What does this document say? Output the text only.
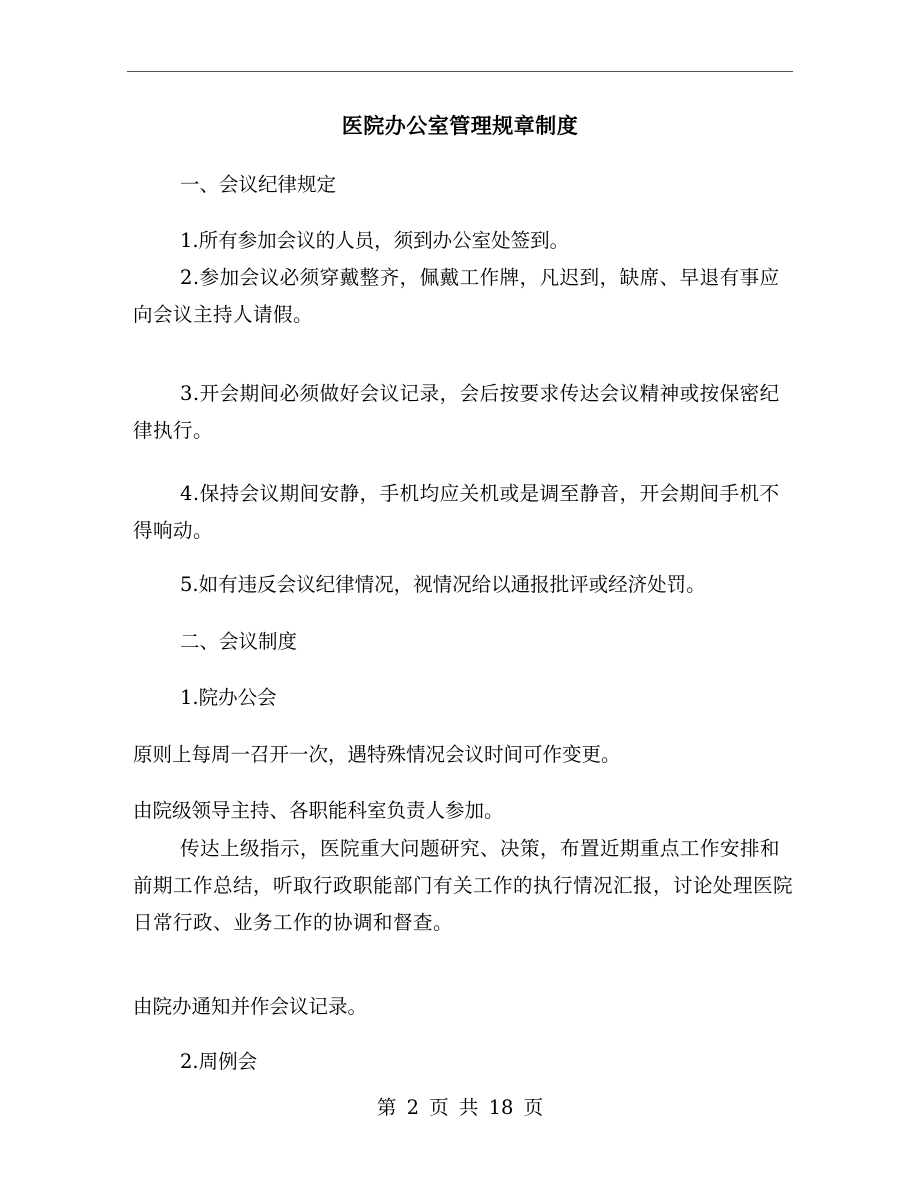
医院办公室管理规章制度
一、会议纪律规定
1.所有参加会议的人员，须到办公室处签到。
2.参加会议必须穿戴整齐，佩戴工作牌，凡迟到，缺席、早退有事应向会议主持人请假。
3.开会期间必须做好会议记录，会后按要求传达会议精神或按保密纪律执行。
4.保持会议期间安静，手机均应关机或是调至静音，开会期间手机不得响动。
5.如有违反会议纪律情况，视情况给以通报批评或经济处罚。
二、会议制度
1.院办公会
原则上每周一召开一次，遇特殊情况会议时间可作变更。
由院级领导主持、各职能科室负责人参加。
传达上级指示，医院重大问题研究、决策，布置近期重点工作安排和前期工作总结，听取行政职能部门有关工作的执行情况汇报，讨论处理医院日常行政、业务工作的协调和督查。
由院办通知并作会议记录。
2.周例会
第 2 页 共 18 页
